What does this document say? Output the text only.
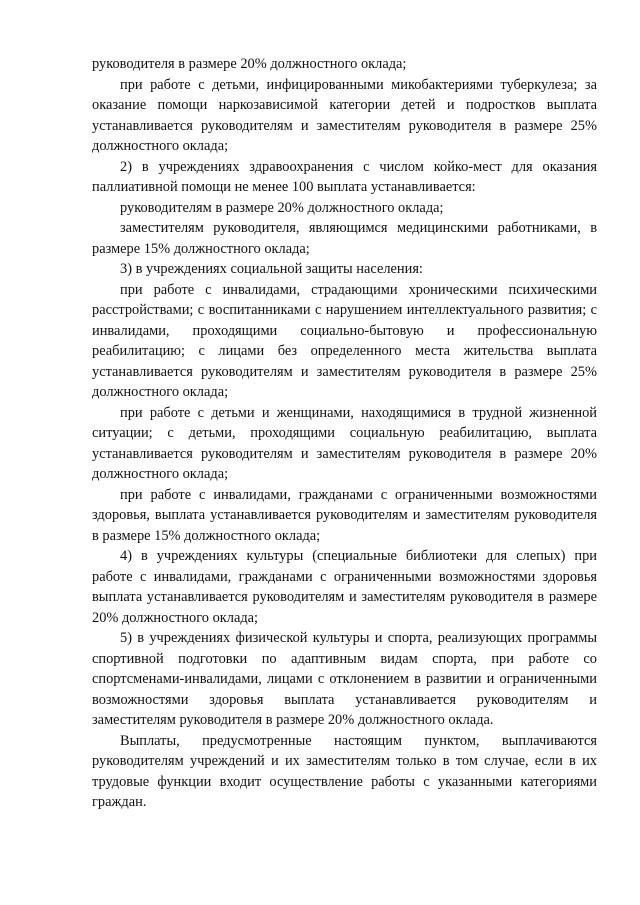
руководителя в размере 20% должностного оклада;

при работе с детьми, инфицированными микобактериями туберкулеза; за оказание помощи наркозависимой категории детей и подростков выплата устанавливается руководителям и заместителям руководителя в размере 25% должностного оклада;

2) в учреждениях здравоохранения с числом койко-мест для оказания паллиативной помощи не менее 100 выплата устанавливается:

руководителям в размере 20% должностного оклада;

заместителям руководителя, являющимся медицинскими работниками, в размере 15% должностного оклада;

3) в учреждениях социальной защиты населения:

при работе с инвалидами, страдающими хроническими психическими расстройствами; с воспитанниками с нарушением интеллектуального развития; с инвалидами, проходящими социально-бытовую и профессиональную реабилитацию; с лицами без определенного места жительства выплата устанавливается руководителям и заместителям руководителя в размере 25% должностного оклада;

при работе с детьми и женщинами, находящимися в трудной жизненной ситуации; с детьми, проходящими социальную реабилитацию, выплата устанавливается руководителям и заместителям руководителя в размере 20% должностного оклада;

при работе с инвалидами, гражданами с ограниченными возможностями здоровья, выплата устанавливается руководителям и заместителям руководителя в размере 15% должностного оклада;

4) в учреждениях культуры (специальные библиотеки для слепых) при работе с инвалидами, гражданами с ограниченными возможностями здоровья выплата устанавливается руководителям и заместителям руководителя в размере 20% должностного оклада;

5) в учреждениях физической культуры и спорта, реализующих программы спортивной подготовки по адаптивным видам спорта, при работе со спортсменами-инвалидами, лицами с отклонением в развитии и ограниченными возможностями здоровья выплата устанавливается руководителям и заместителям руководителя в размере 20% должностного оклада.

Выплаты, предусмотренные настоящим пунктом, выплачиваются руководителям учреждений и их заместителям только в том случае, если в их трудовые функции входит осуществление работы с указанными категориями граждан.
